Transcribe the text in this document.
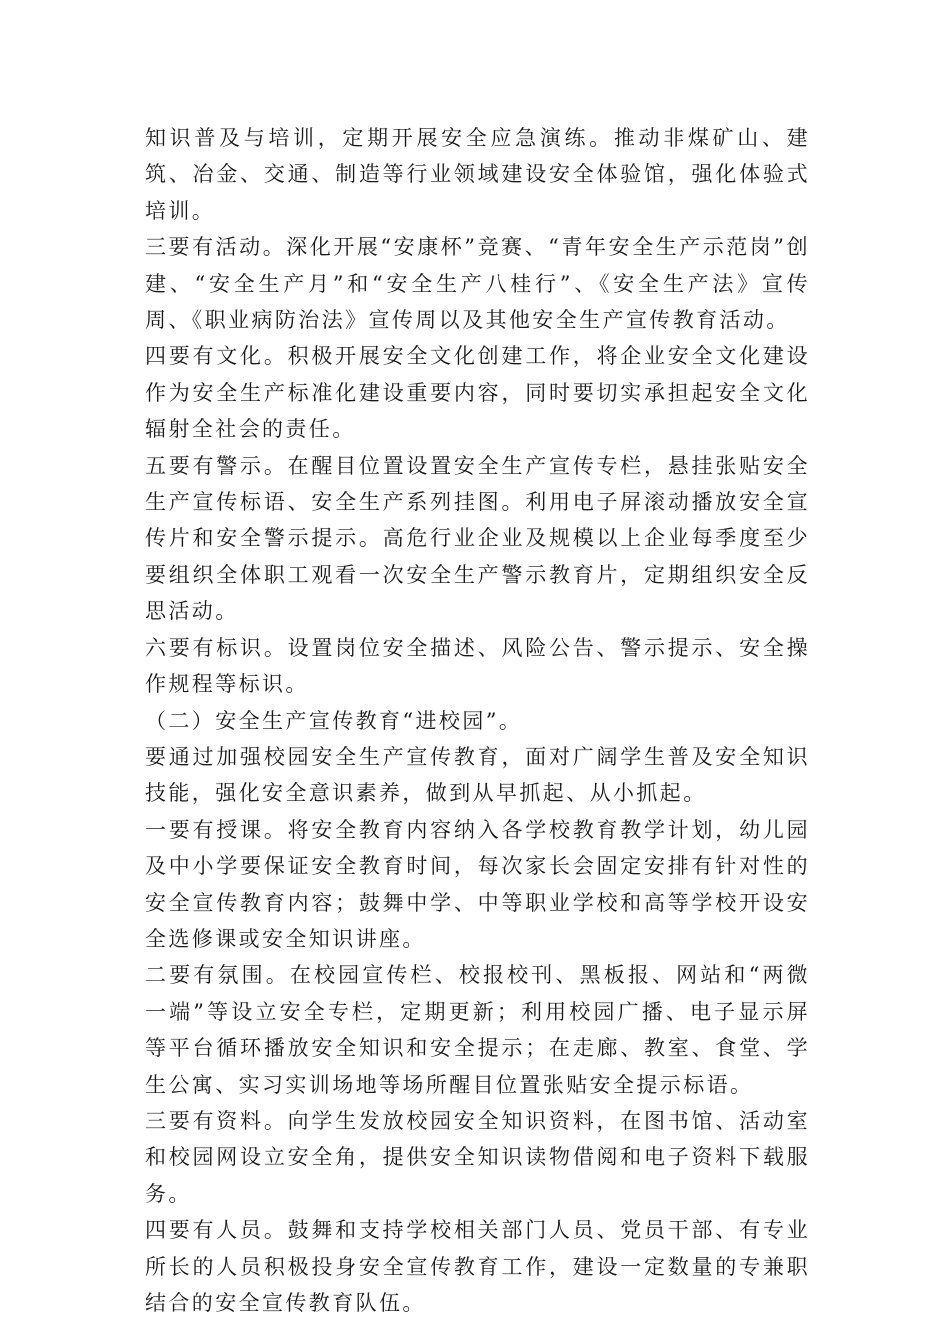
知识普及与培训，定期开展安全应急演练。推动非煤矿山、建筑、冶金、交通、制造等行业领域建设安全体验馆，强化体验式培训。

三要有活动。深化开展“安康杯”竞赛、“青年安全生产示范岗”创建、“安全生产月”和“安全生产八桂行”、《安全生产法》宣传周、《职业病防治法》宣传周以及其他安全生产宣传教育活动。

四要有文化。积极开展安全文化创建工作，将企业安全文化建设作为安全生产标准化建设重要内容，同时要切实承担起安全文化辐射全社会的责任。

五要有警示。在醒目位置设置安全生产宣传专栏，悬挂张贴安全生产宣传标语、安全生产系列挂图。利用电子屏滚动播放安全宣传片和安全警示提示。高危行业企业及规模以上企业每季度至少要组织全体职工观看一次安全生产警示教育片，定期组织安全反思活动。

六要有标识。设置岗位安全描述、风险公告、警示提示、安全操作规程等标识。

（二）安全生产宣传教育“进校园”。

要通过加强校园安全生产宣传教育，面对广阔学生普及安全知识技能，强化安全意识素养，做到从早抓起、从小抓起。

一要有授课。将安全教育内容纳入各学校教育教学计划，幼儿园及中小学要保证安全教育时间，每次家长会固定安排有针对性的安全宣传教育内容；鼓舞中学、中等职业学校和高等学校开设安全选修课或安全知识讲座。

二要有氛围。在校园宣传栏、校报校刊、黑板报、网站和“两微一端”等设立安全专栏，定期更新；利用校园广播、电子显示屏等平台循环播放安全知识和安全提示；在走廊、教室、食堂、学生公寓、实习实训场地等场所醒目位置张贴安全提示标语。

三要有资料。向学生发放校园安全知识资料，在图书馆、活动室和校园网设立安全角，提供安全知识读物借阅和电子资料下载服务。

四要有人员。鼓舞和支持学校相关部门人员、党员干部、有专业所长的人员积极投身安全宣传教育工作，建设一定数量的专兼职结合的安全宣传教育队伍。
